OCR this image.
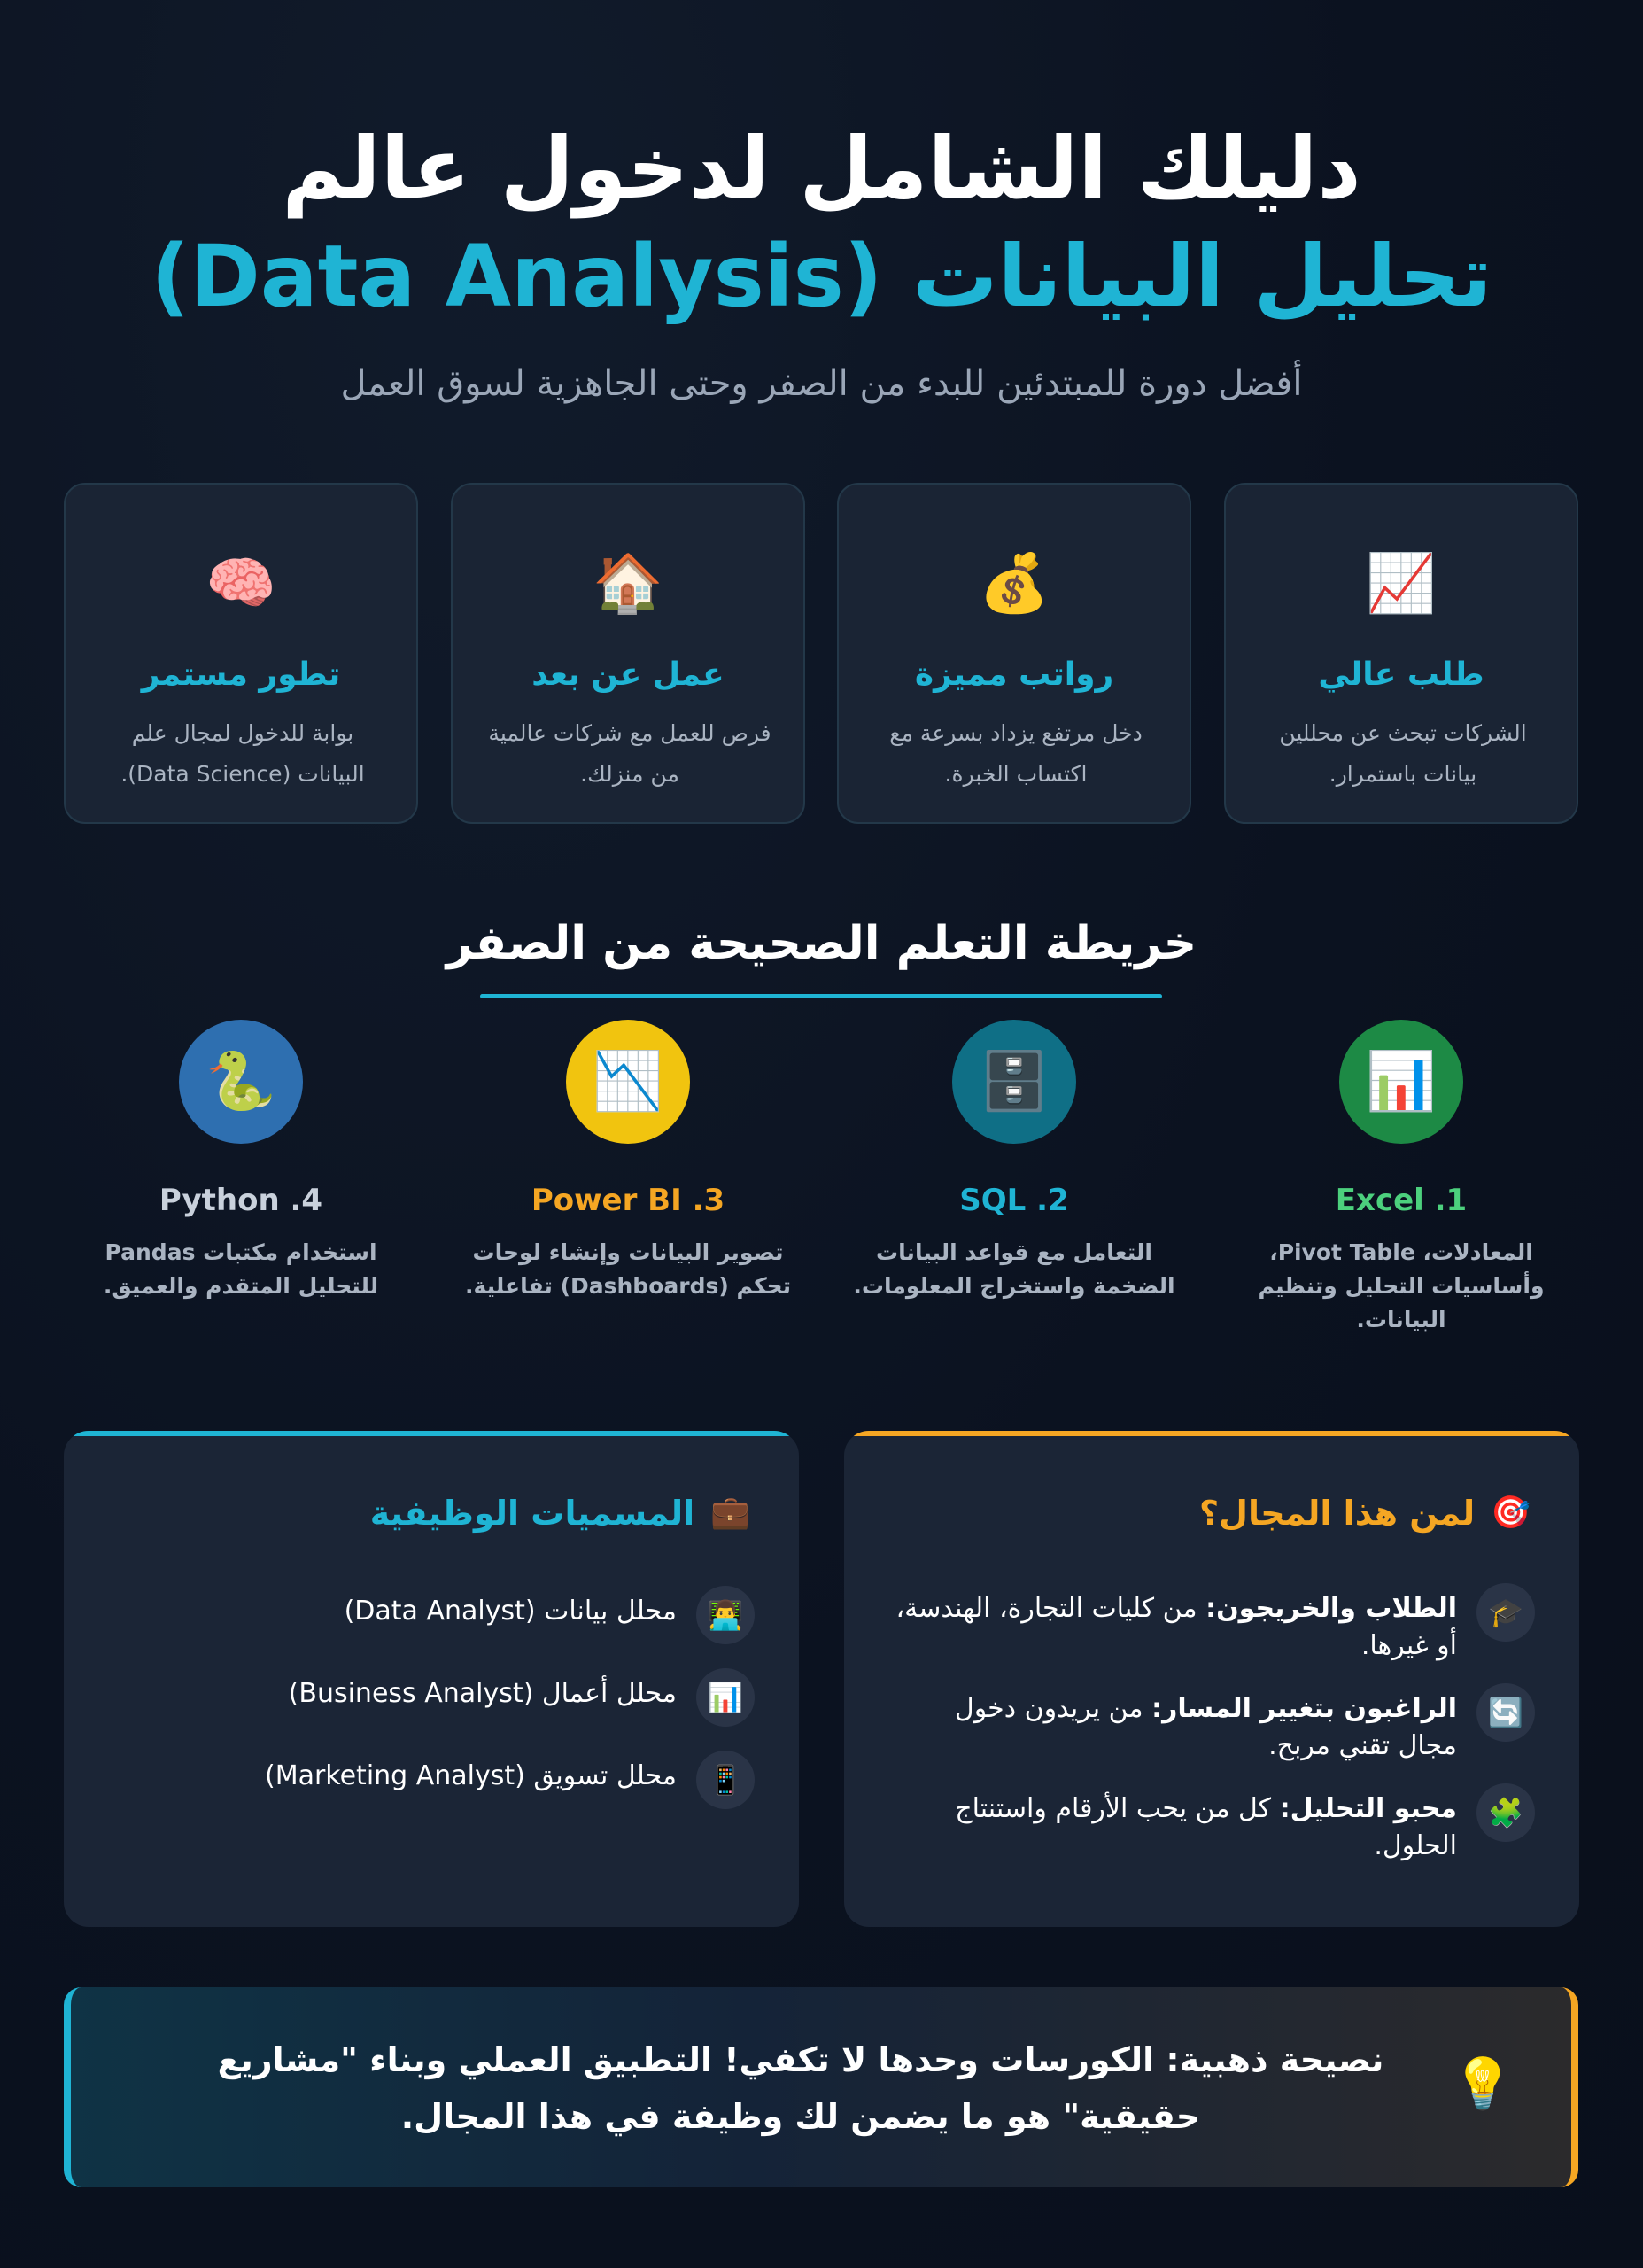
دليلك الشامل لدخول عالم
تحليل البيانات (Data Analysis)

أفضل دورة للمبتدئين للبدء من الصفر وحتى الجاهزية لسوق العمل

📈
طلب عالي
الشركات تبحث عن محللين بيانات باستمرار.
💰
رواتب مميزة
دخل مرتفع يزداد بسرعة مع اكتساب الخبرة.
🏠
عمل عن بعد
فرص للعمل مع شركات عالمية من منزلك.
🧠
تطور مستمر
بوابة للدخول لمجال علم البيانات (Data Science).
خريطة التعلم الصحيحة من الصفر
📊
Excel .1
المعادلات، Pivot Table، وأساسيات التحليل وتنظيم البيانات.
🗄️
SQL .2
التعامل مع قواعد البيانات الضخمة واستخراج المعلومات.
📉
Power BI .3
تصوير البيانات وإنشاء لوحات تحكم (Dashboards) تفاعلية.
🐍
Python .4
استخدام مكتبات Pandas للتحليل المتقدم والعميق.
🎯
لمن هذا المجال؟
🎓
الطلاب والخريجون: من كليات التجارة، الهندسة، أو غيرها.
🔄
الراغبون بتغيير المسار: من يريدون دخول مجال تقني مربح.
🧩
محبو التحليل: كل من يحب الأرقام واستنتاج الحلول.
💼
المسميات الوظيفية
👨‍💻
محلل بيانات (Data Analyst)
📊
محلل أعمال (Business Analyst)
📱
محلل تسويق (Marketing Analyst)
💡
نصيحة ذهبية: الكورسات وحدها لا تكفي! التطبيق العملي وبناء "مشاريع حقيقية" هو ما يضمن لك وظيفة في هذا المجال.
